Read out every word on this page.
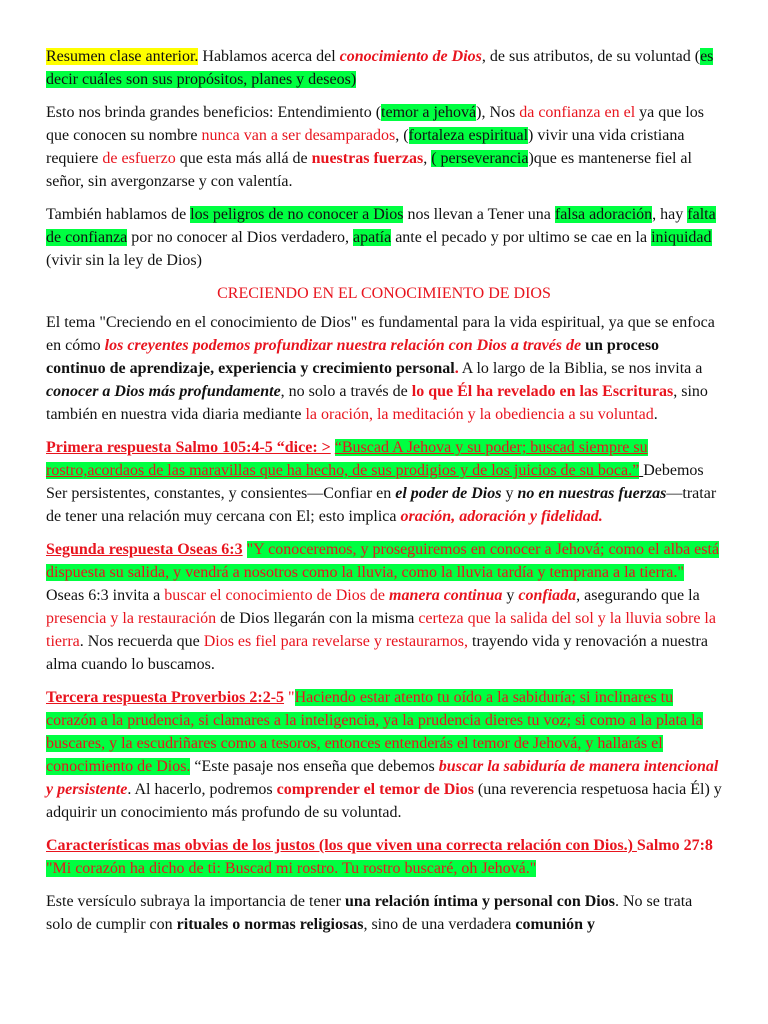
Resumen clase anterior. Hablamos acerca del conocimiento de Dios, de sus atributos, de su voluntad (es decir cuáles son sus propósitos, planes y deseos)

Esto nos brinda grandes beneficios: Entendimiento (temor a jehová), Nos da confianza en el ya que los que conocen su nombre nunca van a ser desamparados, (fortaleza espiritual) vivir una vida cristiana requiere de esfuerzo que esta más allá de nuestras fuerzas, ( perseverancia)que es mantenerse fiel al señor, sin avergonzarse y con valentía.

También hablamos de los peligros de no conocer a Dios nos llevan a Tener una falsa adoración, hay falta de confianza por no conocer al Dios verdadero, apatía ante el pecado y por ultimo se cae en la iniquidad (vivir sin la ley de Dios)

CRECIENDO EN EL CONOCIMIENTO DE DIOS

El tema "Creciendo en el conocimiento de Dios" es fundamental para la vida espiritual, ya que se enfoca en cómo los creyentes podemos profundizar nuestra relación con Dios a través de un proceso continuo de aprendizaje, experiencia y crecimiento personal. A lo largo de la Biblia, se nos invita a conocer a Dios más profundamente, no solo a través de lo que Él ha revelado en las Escrituras, sino también en nuestra vida diaria mediante la oración, la meditación y la obediencia a su voluntad.

Primera respuesta Salmo 105:4-5 “dice: > “Buscad A Jehova y su poder; buscad siempre su rostro,acordaos de las maravillas que ha hecho, de sus prodigios y de los juicios de su boca.” Debemos Ser persistentes, constantes, y consientes—Confiar en el poder de Dios y no en nuestras fuerzas—tratar de tener una relación muy cercana con El; esto implica oración, adoración y fidelidad.

Segunda respuesta Oseas 6:3 "Y conoceremos, y proseguiremos en conocer a Jehová; como el alba está dispuesta su salida, y vendrá a nosotros como la lluvia, como la lluvia tardía y temprana a la tierra." Oseas 6:3 invita a buscar el conocimiento de Dios de manera continua y confiada, asegurando que la presencia y la restauración de Dios llegarán con la misma certeza que la salida del sol y la lluvia sobre la tierra. Nos recuerda que Dios es fiel para revelarse y restaurarnos, trayendo vida y renovación a nuestra alma cuando lo buscamos.

Tercera respuesta Proverbios 2:2-5 "Haciendo estar atento tu oído a la sabiduría; si inclinares tu corazón a la prudencia, si clamares a la inteligencia, ya la prudencia dieres tu voz; si como a la plata la buscares, y la escudriñares como a tesoros, entonces entenderás el temor de Jehová, y hallarás el conocimiento de Dios. “Este pasaje nos enseña que debemos buscar la sabiduría de manera intencional y persistente. Al hacerlo, podremos comprender el temor de Dios (una reverencia respetuosa hacia Él) y adquirir un conocimiento más profundo de su voluntad.

Características mas obvias de los justos (los que viven una correcta relación con Dios.) Salmo 27:8 "Mi corazón ha dicho de ti: Buscad mi rostro. Tu rostro buscaré, oh Jehová."

Este versículo subraya la importancia de tener una relación íntima y personal con Dios. No se trata solo de cumplir con rituales o normas religiosas, sino de una verdadera comunión y
